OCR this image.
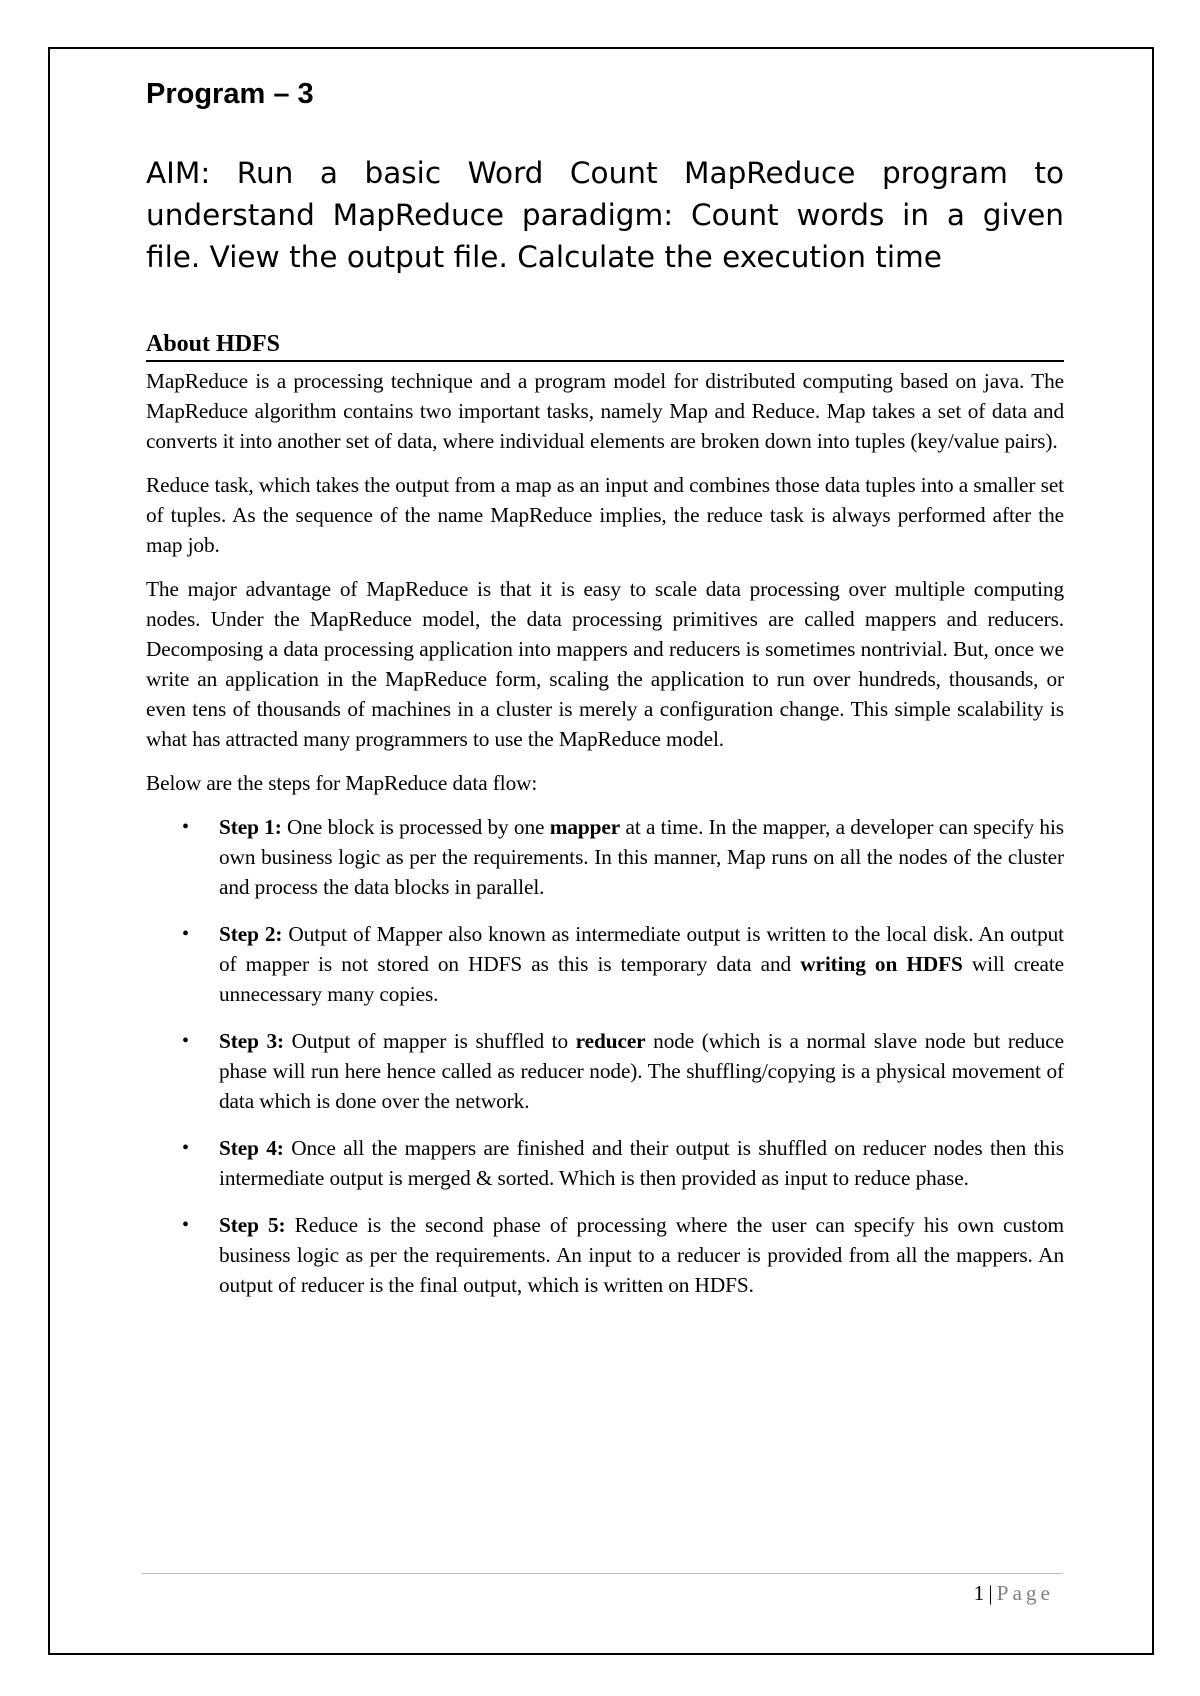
Program – 3

AIM: Run a basic Word Count MapReduce program to understand MapReduce paradigm: Count words in a given file. View the output file. Calculate the execution time

About HDFS

MapReduce is a processing technique and a program model for distributed computing based on java. The MapReduce algorithm contains two important tasks, namely Map and Reduce. Map takes a set of data and converts it into another set of data, where individual elements are broken down into tuples (key/value pairs).

Reduce task, which takes the output from a map as an input and combines those data tuples into a smaller set of tuples. As the sequence of the name MapReduce implies, the reduce task is always performed after the map job.

The major advantage of MapReduce is that it is easy to scale data processing over multiple computing nodes. Under the MapReduce model, the data processing primitives are called mappers and reducers. Decomposing a data processing application into mappers and reducers is sometimes nontrivial. But, once we write an application in the MapReduce form, scaling the application to run over hundreds, thousands, or even tens of thousands of machines in a cluster is merely a configuration change. This simple scalability is what has attracted many programmers to use the MapReduce model.

Below are the steps for MapReduce data flow:

• Step 1: One block is processed by one mapper at a time. In the mapper, a developer can specify his own business logic as per the requirements. In this manner, Map runs on all the nodes of the cluster and process the data blocks in parallel.
• Step 2: Output of Mapper also known as intermediate output is written to the local disk. An output of mapper is not stored on HDFS as this is temporary data and writing on HDFS will create unnecessary many copies.
• Step 3: Output of mapper is shuffled to reducer node (which is a normal slave node but reduce phase will run here hence called as reducer node). The shuffling/copying is a physical movement of data which is done over the network.
• Step 4: Once all the mappers are finished and their output is shuffled on reducer nodes then this intermediate output is merged & sorted. Which is then provided as input to reduce phase.
• Step 5: Reduce is the second phase of processing where the user can specify his own custom business logic as per the requirements. An input to a reducer is provided from all the mappers. An output of reducer is the final output, which is written on HDFS.
1 | Page
